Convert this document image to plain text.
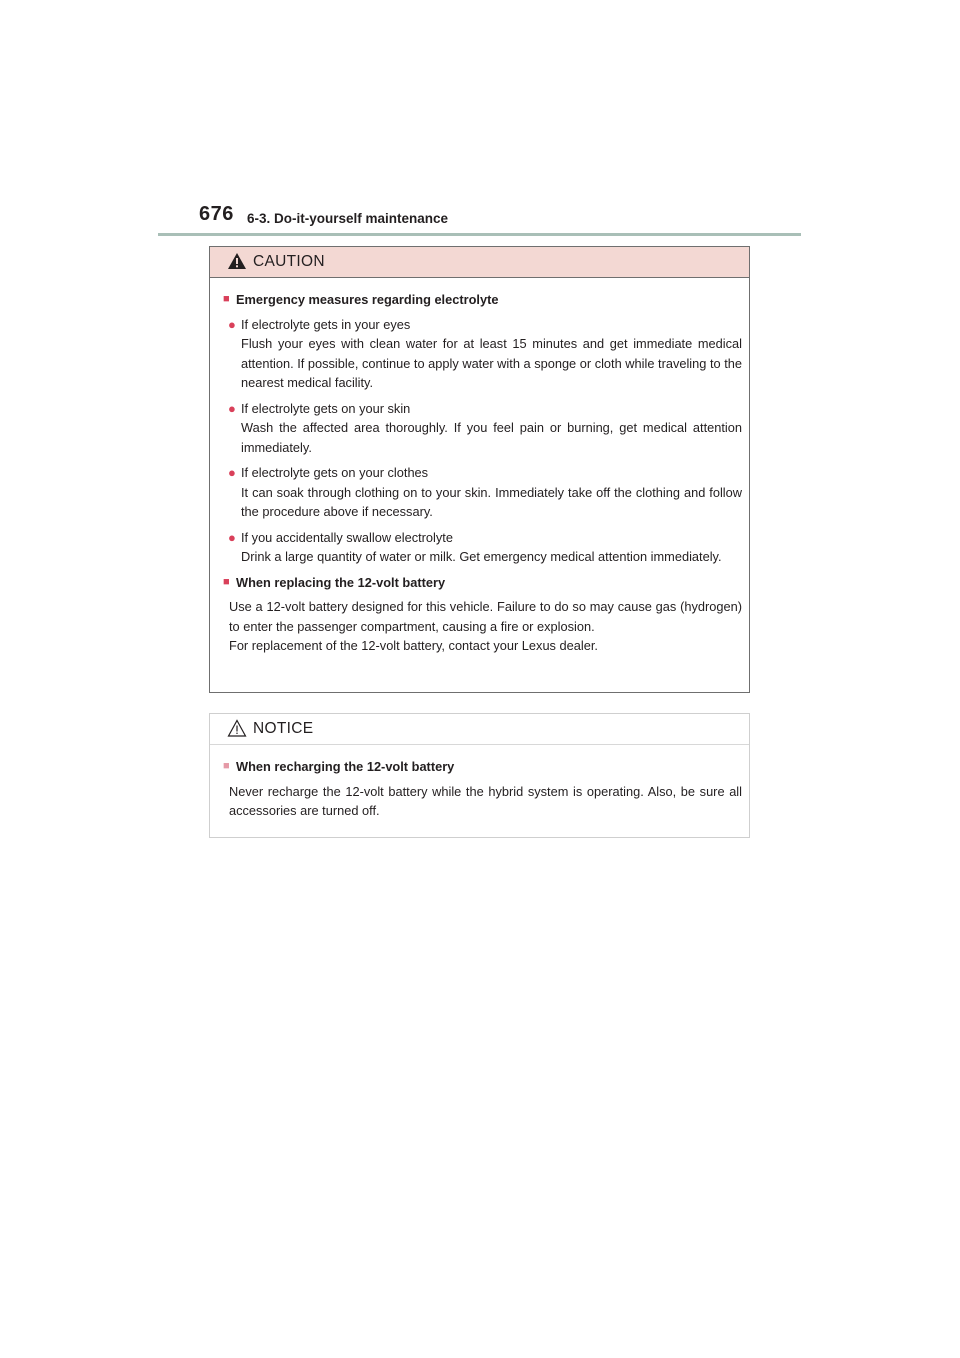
676 6-3. Do-it-yourself maintenance
CAUTION
■ Emergency measures regarding electrolyte
● If electrolyte gets in your eyes

Flush your eyes with clean water for at least 15 minutes and get immediate medical attention. If possible, continue to apply water with a sponge or cloth while traveling to the nearest medical facility.

● If electrolyte gets on your skin

Wash the affected area thoroughly. If you feel pain or burning, get medical attention immediately.

● If electrolyte gets on your clothes

It can soak through clothing on to your skin. Immediately take off the clothing and follow the procedure above if necessary.

● If you accidentally swallow electrolyte

Drink a large quantity of water or milk. Get emergency medical attention immediately.

■ When replacing the 12-volt battery

Use a 12-volt battery designed for this vehicle. Failure to do so may cause gas (hydrogen) to enter the passenger compartment, causing a fire or explosion.

For replacement of the 12-volt battery, contact your Lexus dealer.

NOTICE
■ When recharging the 12-volt battery

Never recharge the 12-volt battery while the hybrid system is operating. Also, be sure all accessories are turned off.
